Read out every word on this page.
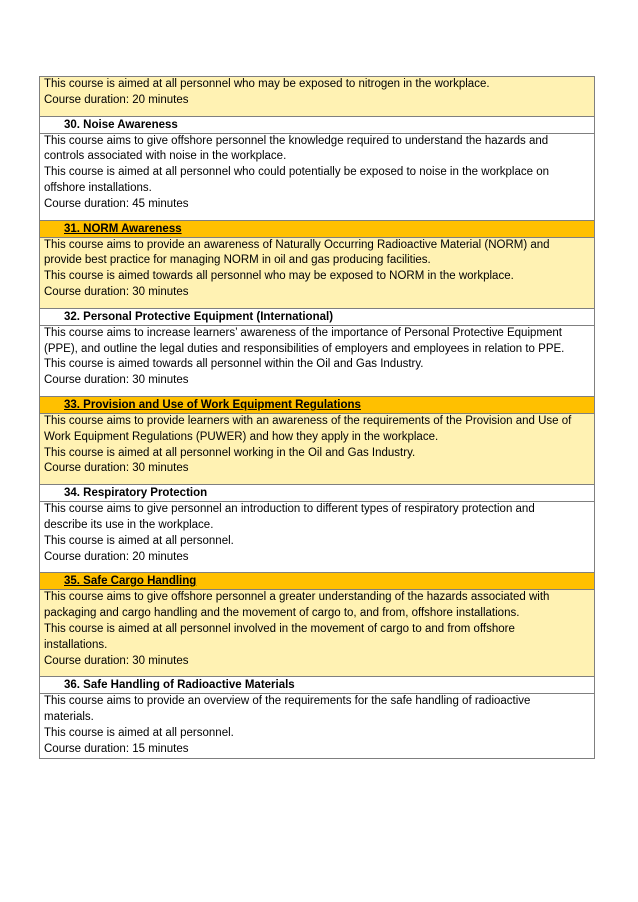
This course is aimed at all personnel who may be exposed to nitrogen in the workplace.

Course duration: 20 minutes

30. Noise Awareness

This course aims to give offshore personnel the knowledge required to understand the hazards and

controls associated with noise in the workplace.

This course is aimed at all personnel who could potentially be exposed to noise in the workplace on

offshore installations.

Course duration: 45 minutes

31. NORM Awareness

This course aims to provide an awareness of Naturally Occurring Radioactive Material (NORM) and

provide best practice for managing NORM in oil and gas producing facilities.

This course is aimed towards all personnel who may be exposed to NORM in the workplace.

Course duration: 30 minutes

32. Personal Protective Equipment (International)

This course aims to increase learners’ awareness of the importance of Personal Protective Equipment

(PPE), and outline the legal duties and responsibilities of employers and employees in relation to PPE.

This course is aimed towards all personnel within the Oil and Gas Industry.

Course duration: 30 minutes

33. Provision and Use of Work Equipment Regulations

This course aims to provide learners with an awareness of the requirements of the Provision and Use of

Work Equipment Regulations (PUWER) and how they apply in the workplace.

This course is aimed at all personnel working in the Oil and Gas Industry.

Course duration: 30 minutes

34. Respiratory Protection

This course aims to give personnel an introduction to different types of respiratory protection and

describe its use in the workplace.

This course is aimed at all personnel.

Course duration: 20 minutes

35. Safe Cargo Handling

This course aims to give offshore personnel a greater understanding of the hazards associated with

packaging and cargo handling and the movement of cargo to, and from, offshore installations.

This course is aimed at all personnel involved in the movement of cargo to and from offshore

installations.

Course duration: 30 minutes

36. Safe Handling of Radioactive Materials

This course aims to provide an overview of the requirements for the safe handling of radioactive

materials.

This course is aimed at all personnel.

Course duration: 15 minutes
